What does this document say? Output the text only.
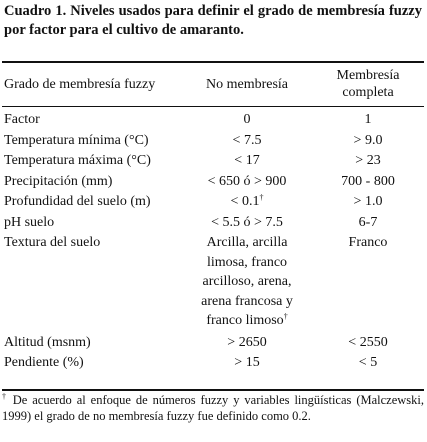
Cuadro 1. Niveles usados para definir el grado de membresía fuzzy por factor para el cultivo de amaranto.
Grado de membresía fuzzy	No membresía	Membresía completa
Factor	0	1
Temperatura mínima (°C)	< 7.5	> 9.0
Temperatura máxima (°C)	< 17	> 23
Precipitación (mm)	< 650 ó > 900	700 - 800
Profundidad del suelo (m)	< 0.1†	> 1.0
pH suelo	< 5.5 ó > 7.5	6-7
Textura del suelo	Arcilla, arcilla
limosa, franco
arcilloso, arena,
arena francosa y
franco limoso†	Franco
Altitud (msnm)	> 2650	< 2550
Pendiente (%)	> 15	< 5
† De acuerdo al enfoque de números fuzzy y variables lingüísticas (Malczewski, 1999) el grado de no membresía fuzzy fue definido como 0.2.
